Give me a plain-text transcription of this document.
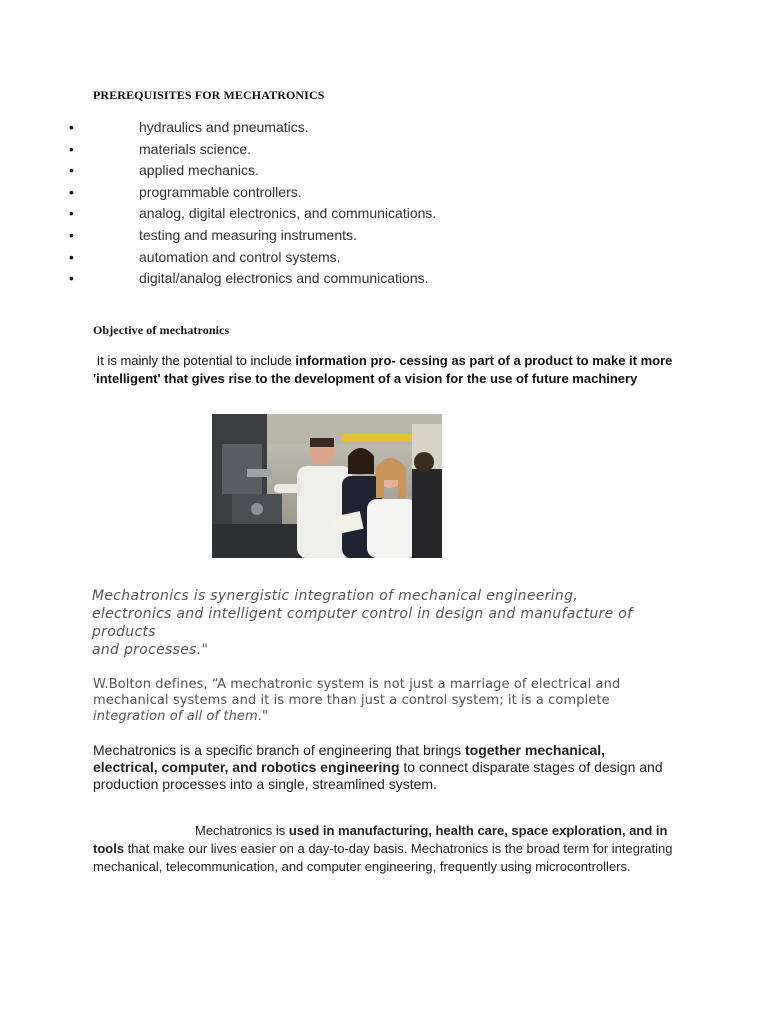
PREREQUISITES FOR MECHATRONICS
•	hydraulics and pneumatics.
•	materials science.
•	applied mechanics.
•	programmable controllers.
•	analog, digital electronics, and communications.
•	testing and measuring instruments.
•	automation and control systems.
•	digital/analog electronics and communications.
Objective of mechatronics
It is mainly the potential to include information pro- cessing as part of a product to make it more 'intelligent' that gives rise to the development of a vision for the use of future machinery
Mechatronics is synergistic integration of mechanical engineering,
electronics and intelligent computer control in design and manufacture of
products
and processes."
W.Bolton defines, “A mechatronic system is not just a marriage of electrical and mechanical systems and it is more than just a control system; it is a complete integration of all of them."
Mechatronics is a specific branch of engineering that brings together mechanical, electrical, computer, and robotics engineering to connect disparate stages of design and production processes into a single, streamlined system.
Mechatronics is used in manufacturing, health care, space exploration, and in tools that make our lives easier on a day-to-day basis. Mechatronics is the broad term for integrating mechanical, telecommunication, and computer engineering, frequently using microcontrollers.
